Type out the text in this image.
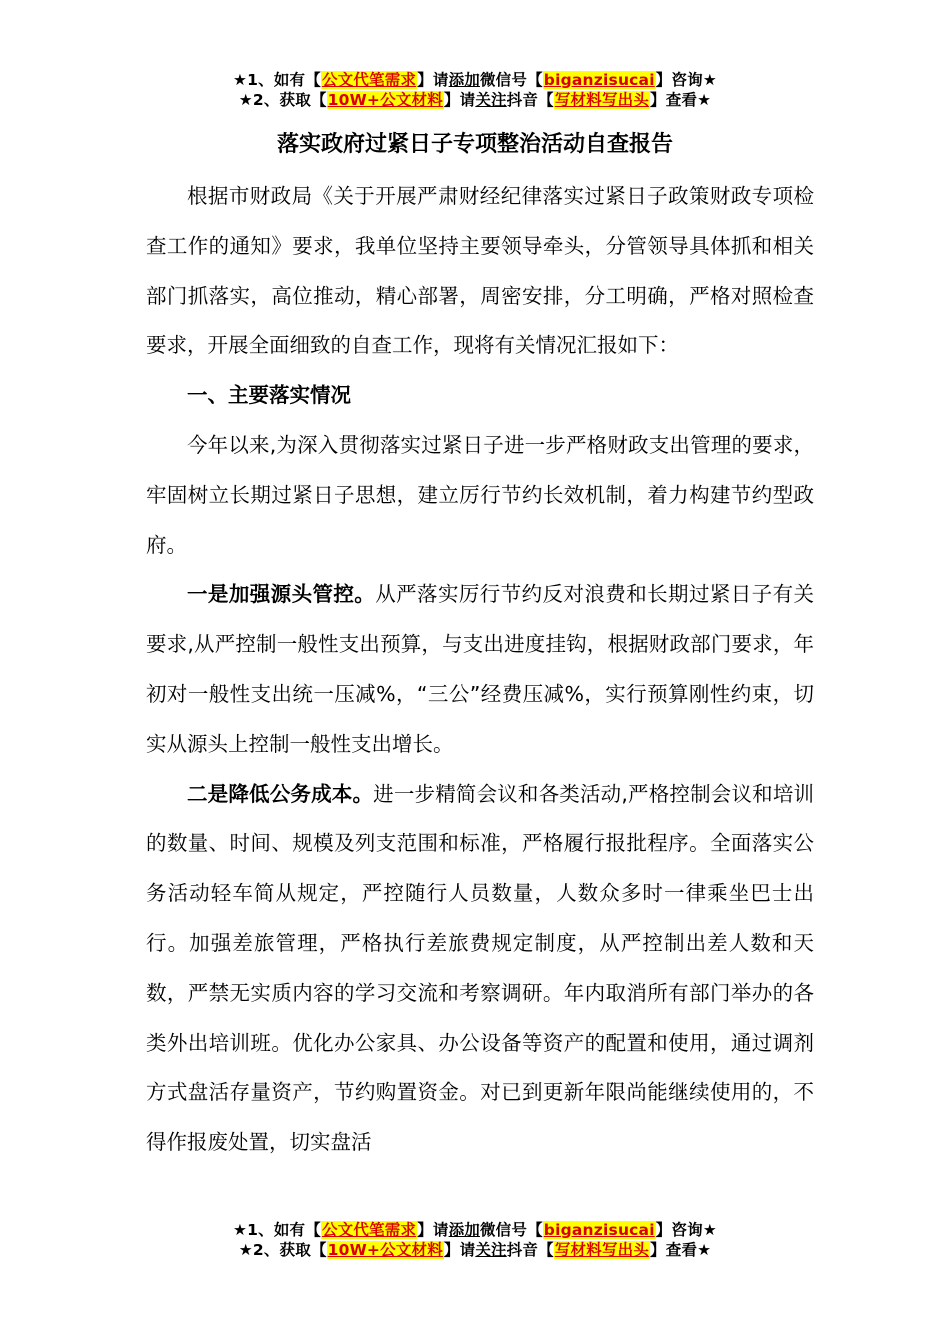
★1、如有【公文代笔需求】请添加微信号【biganzisucai】咨询★
★2、获取【10W+公文材料】请关注抖音【写材料写出头】查看★
落实政府过紧日子专项整治活动自查报告

根据市财政局《关于开展严肃财经纪律落实过紧日子政策财政专项检查工作的通知》要求，我单位坚持主要领导牵头，分管领导具体抓和相关部门抓落实，高位推动，精心部署，周密安排，分工明确，严格对照检查要求，开展全面细致的自查工作，现将有关情况汇报如下：

一、主要落实情况

今年以来,为深入贯彻落实过紧日子进一步严格财政支出管理的要求，牢固树立长期过紧日子思想，建立厉行节约长效机制，着力构建节约型政府。

一是加强源头管控。从严落实厉行节约反对浪费和长期过紧日子有关要求,从严控制一般性支出预算，与支出进度挂钩，根据财政部门要求，年初对一般性支出统一压减%，“三公”经费压减%，实行预算刚性约束，切实从源头上控制一般性支出增长。

二是降低公务成本。进一步精简会议和各类活动,严格控制会议和培训的数量、时间、规模及列支范围和标准，严格履行报批程序。全面落实公务活动轻车简从规定，严控随行人员数量，人数众多时一律乘坐巴士出行。加强差旅管理，严格执行差旅费规定制度，从严控制出差人数和天数，严禁无实质内容的学习交流和考察调研。年内取消所有部门举办的各类外出培训班。优化办公家具、办公设备等资产的配置和使用，通过调剂方式盘活存量资产，节约购置资金。对已到更新年限尚能继续使用的，不得作报废处置，切实盘活

★1、如有【公文代笔需求】请添加微信号【biganzisucai】咨询★
★2、获取【10W+公文材料】请关注抖音【写材料写出头】查看★
